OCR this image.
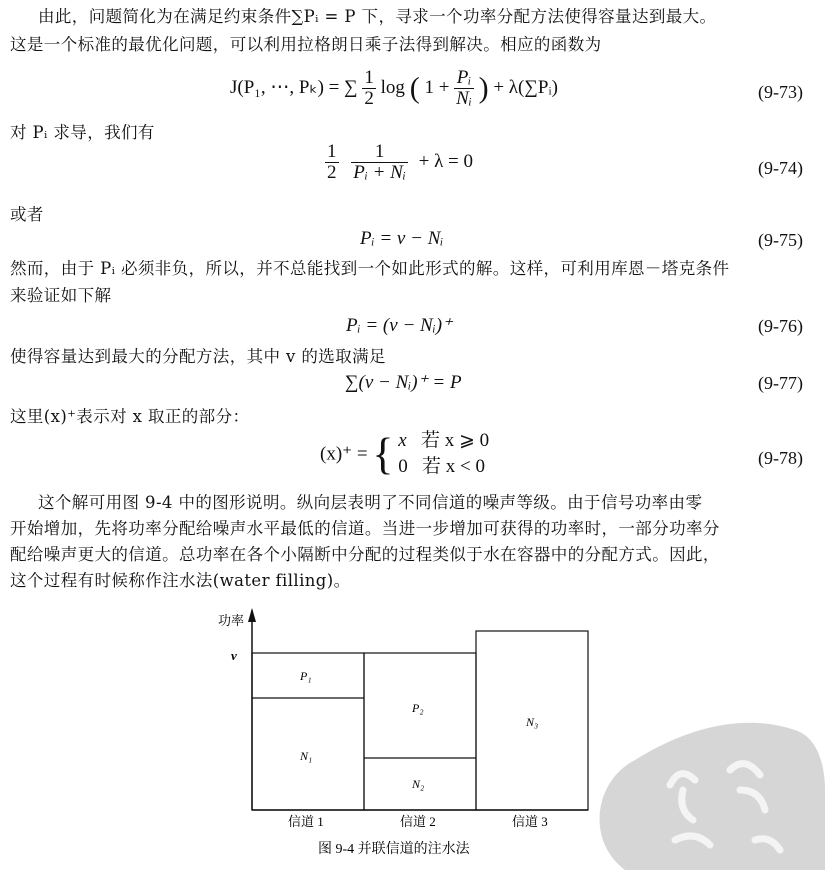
由此，问题简化为在满足约束条件∑Pᵢ = P 下，寻求一个功率分配方法使得容量达到最大。
这是一个标准的最优化问题，可以利用拉格朗日乘子法得到解决。相应的函数为
J(P₁, ⋯, Pₖ) = ∑ $\frac{1}{2}$ log ( $1 + \frac{\text{Pᵢ}}{\text{Nᵢ}}$ ) + λ(∑Pᵢ)	(9-73)
对 Pᵢ 求导，我们有
$\frac{1}{2}$
$\frac{1}{\text{Pᵢ + Nᵢ}} + \lambda = 0$	(9-74)
或者
Pᵢ = v − Nᵢ	(9-75)
然而，由于 Pᵢ 必须非负，所以，并不总能找到一个如此形式的解。这样，可利用库恩－塔克条件
来验证如下解
Pᵢ = (v − Nᵢ)⁺	(9-76)
使得容量达到最大的分配方法，其中 v 的选取满足
∑(v − Nᵢ)⁺ = P	(9-77)
这里(x)⁺表示对 x 取正的部分：
(x)⁺ = { x 若 x ⩾ 0
0 若 x < 0	(9-78)
这个解可用图 9-4 中的图形说明。纵向层表明了不同信道的噪声等级。由于信号功率由零
开始增加，先将功率分配给噪声水平最低的信道。当进一步增加可获得的功率时，一部分功率分
配给噪声更大的信道。总功率在各个小隔断中分配的过程类似于水在容器中的分配方式。因此，
这个过程有时候称作注水法(water filling)。
功率
v
P₁
N₁
P₂
N₂
N₃
信道 1	信道 2	信道 3
图 9-4 并联信道的注水法
